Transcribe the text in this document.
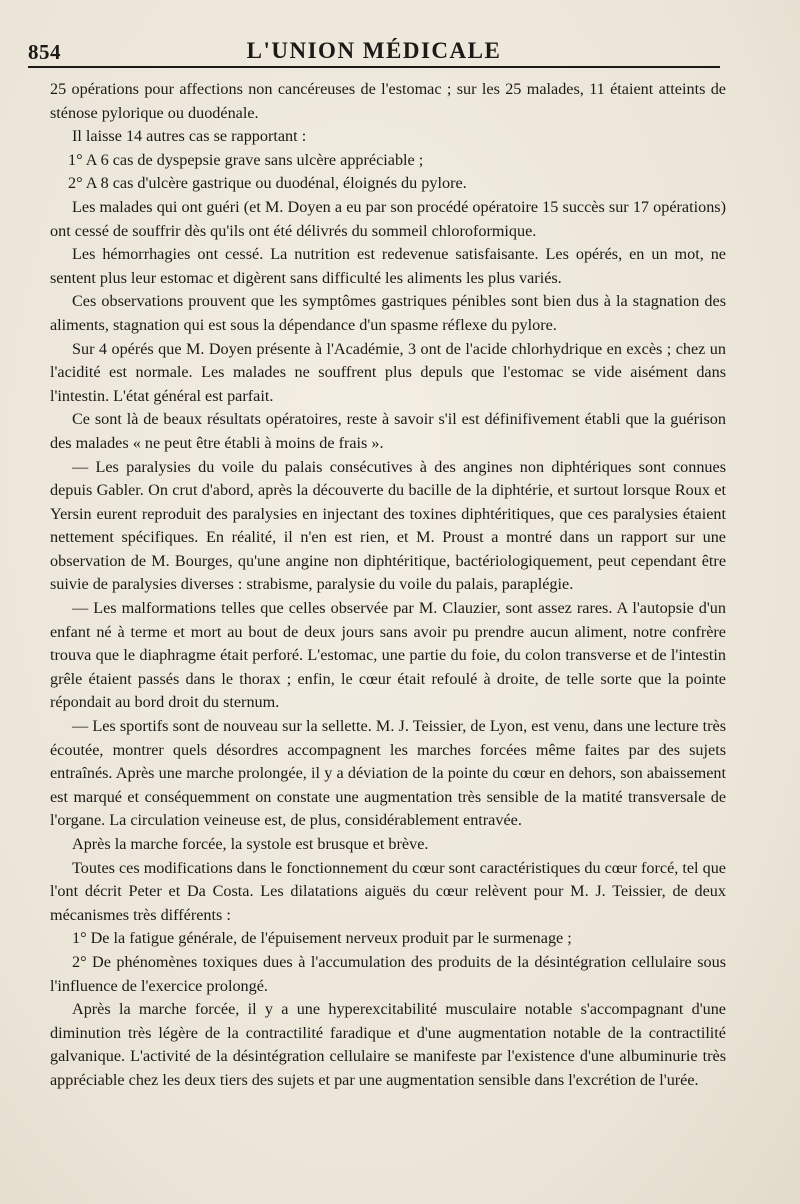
854	L'UNION MÉDICALE

25 opérations pour affections non cancéreuses de l'estomac ; sur les 25 malades, 11 étaient atteints de sténose pylorique ou duodénale.

Il laisse 14 autres cas se rapportant :

1° A 6 cas de dyspepsie grave sans ulcère appréciable ;

2° A 8 cas d'ulcère gastrique ou duodénal, éloignés du pylore.

Les malades qui ont guéri (et M. Doyen a eu par son procédé opératoire 15 succès sur 17 opérations) ont cessé de souffrir dès qu'ils ont été délivrés du sommeil chloroformique.

Les hémorrhagies ont cessé. La nutrition est redevenue satisfaisante. Les opérés, en un mot, ne sentent plus leur estomac et digèrent sans difficulté les aliments les plus variés.

Ces observations prouvent que les symptômes gastriques pénibles sont bien dus à la stagnation des aliments, stagnation qui est sous la dépendance d'un spasme réflexe du pylore.

Sur 4 opérés que M. Doyen présente à l'Académie, 3 ont de l'acide chlorhydrique en excès ; chez un l'acidité est normale. Les malades ne souffrent plus depuls que l'estomac se vide aisément dans l'intestin. L'état général est parfait.

Ce sont là de beaux résultats opératoires, reste à savoir s'il est définifivement établi que la guérison des malades « ne peut être établi à moins de frais ».

— Les paralysies du voile du palais consécutives à des angines non diphtériques sont connues depuis Gabler. On crut d'abord, après la découverte du bacille de la diphtérie, et surtout lorsque Roux et Yersin eurent reproduit des paralysies en injectant des toxines diphtéritiques, que ces paralysies étaient nettement spécifiques. En réalité, il n'en est rien, et M. Proust a montré dans un rapport sur une observation de M. Bourges, qu'une angine non diphtéritique, bactériologiquement, peut cependant être suivie de paralysies diverses : strabisme, paralysie du voile du palais, paraplégie.

— Les malformations telles que celles observée par M. Clauzier, sont assez rares. A l'autopsie d'un enfant né à terme et mort au bout de deux jours sans avoir pu prendre aucun aliment, notre confrère trouva que le diaphragme était perforé. L'estomac, une partie du foie, du colon transverse et de l'intestin grêle étaient passés dans le thorax ; enfin, le cœur était refoulé à droite, de telle sorte que la pointe répondait au bord droit du sternum.

— Les sportifs sont de nouveau sur la sellette. M. J. Teissier, de Lyon, est venu, dans une lecture très écoutée, montrer quels désordres accompagnent les marches forcées même faites par des sujets entraînés. Après une marche prolongée, il y a déviation de la pointe du cœur en dehors, son abaissement est marqué et conséquemment on constate une augmentation très sensible de la matité transversale de l'organe. La circulation veineuse est, de plus, considérablement entravée.

Après la marche forcée, la systole est brusque et brève.

Toutes ces modifications dans le fonctionnement du cœur sont caractéristiques du cœur forcé, tel que l'ont décrit Peter et Da Costa. Les dilatations aiguës du cœur relèvent pour M. J. Teissier, de deux mécanismes très différents :

1° De la fatigue générale, de l'épuisement nerveux produit par le surmenage ;

2° De phénomènes toxiques dues à l'accumulation des produits de la désintégration cellulaire sous l'influence de l'exercice prolongé.

Après la marche forcée, il y a une hyperexcitabilité musculaire notable s'accompagnant d'une diminution très légère de la contractilité faradique et d'une augmentation notable de la contractilité galvanique. L'activité de la désintégration cellulaire se manifeste par l'existence d'une albuminurie très appréciable chez les deux tiers des sujets et par une augmentation sensible dans l'excrétion de l'urée.
